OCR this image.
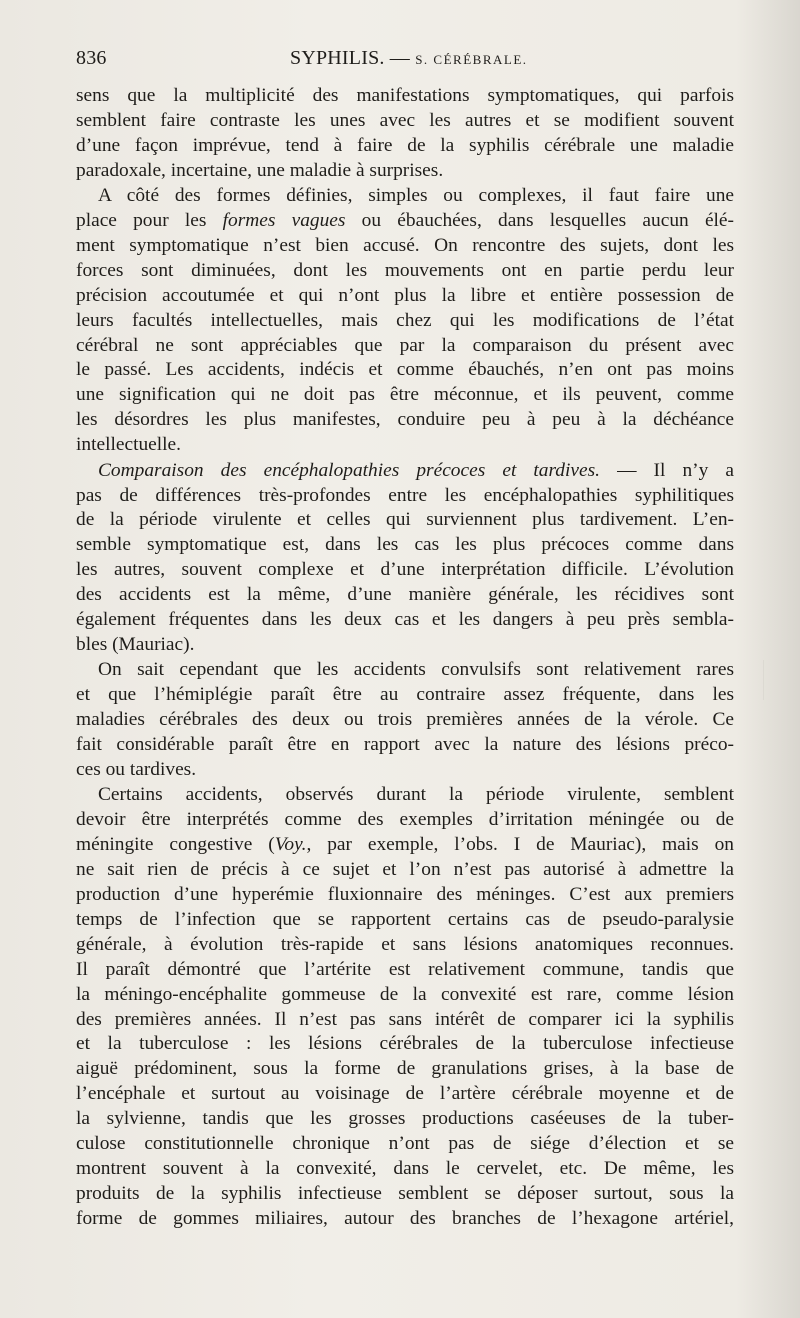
836	SYPHILIS. — S. CÉRÉBRALE.

sens que la multiplicité des manifestations symptomatiques, qui parfois

semblent faire contraste les unes avec les autres et se modifient souvent

d’une façon imprévue, tend à faire de la syphilis cérébrale une maladie

paradoxale, incertaine, une maladie à surprises.

A côté des formes définies, simples ou complexes, il faut faire une

place pour les formes vagues ou ébauchées, dans lesquelles aucun élé-

ment symptomatique n’est bien accusé. On rencontre des sujets, dont les

forces sont diminuées, dont les mouvements ont en partie perdu leur

précision accoutumée et qui n’ont plus la libre et entière possession de

leurs facultés intellectuelles, mais chez qui les modifications de l’état

cérébral ne sont appréciables que par la comparaison du présent avec

le passé. Les accidents, indécis et comme ébauchés, n’en ont pas moins

une signification qui ne doit pas être méconnue, et ils peuvent, comme

les désordres les plus manifestes, conduire peu à peu à la déchéance

intellectuelle.

Comparaison des encéphalopathies précoces et tardives. — Il n’y a

pas de différences très-profondes entre les encéphalopathies syphilitiques

de la période virulente et celles qui surviennent plus tardivement. L’en-

semble symptomatique est, dans les cas les plus précoces comme dans

les autres, souvent complexe et d’une interprétation difficile. L’évolution

des accidents est la même, d’une manière générale, les récidives sont

également fréquentes dans les deux cas et les dangers à peu près sembla-

bles (Mauriac).

On sait cependant que les accidents convulsifs sont relativement rares

et que l’hémiplégie paraît être au contraire assez fréquente, dans les

maladies cérébrales des deux ou trois premières années de la vérole. Ce

fait considérable paraît être en rapport avec la nature des lésions préco-

ces ou tardives.

Certains accidents, observés durant la période virulente, semblent

devoir être interprétés comme des exemples d’irritation méningée ou de

méningite congestive (Voy., par exemple, l’obs. I de Mauriac), mais on

ne sait rien de précis à ce sujet et l’on n’est pas autorisé à admettre la

production d’une hyperémie fluxionnaire des méninges. C’est aux premiers

temps de l’infection que se rapportent certains cas de pseudo-paralysie

générale, à évolution très-rapide et sans lésions anatomiques reconnues.

Il paraît démontré que l’artérite est relativement commune, tandis que

la méningo-encéphalite gommeuse de la convexité est rare, comme lésion

des premières années. Il n’est pas sans intérêt de comparer ici la syphilis

et la tuberculose : les lésions cérébrales de la tuberculose infectieuse

aiguë prédominent, sous la forme de granulations grises, à la base de

l’encéphale et surtout au voisinage de l’artère cérébrale moyenne et de

la sylvienne, tandis que les grosses productions caséeuses de la tuber-

culose constitutionnelle chronique n’ont pas de siége d’élection et se

montrent souvent à la convexité, dans le cervelet, etc. De même, les

produits de la syphilis infectieuse semblent se déposer surtout, sous la

forme de gommes miliaires, autour des branches de l’hexagone artériel,
